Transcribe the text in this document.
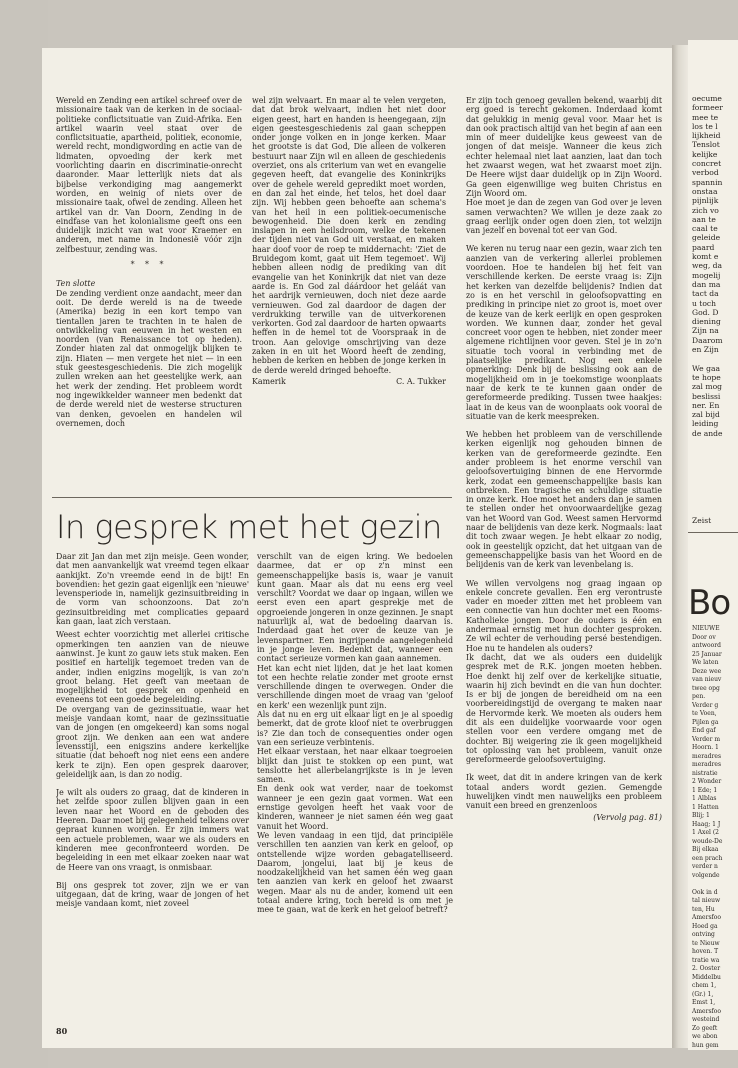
Wereld en Zending een artikel schreef over de missionaire taak van de kerken in de sociaal-politieke conflictsituatie van Zuid-Afrika. Een artikel waarin veel staat over de conflictsituatie, apartheid, politiek, economie, wereld recht, mondigwording en actie van de lidmaten, opvoeding der kerk met voorlichting daarin en discriminatie-onrecht daaronder. Maar letterlijk niets dat als bijbelse verkondiging mag aangemerkt worden, en weinig of niets over de missionaire taak, ofwel de zending. Alleen het artikel van dr. Van Doorn, Zending in de eindfase van het kolonialisme geeft ons een duidelijk inzicht van wat voor Kraemer en anderen, met name in Indonesië vóór zijn zelfbestuur, zending was.

* * *

Ten slotte

De zending verdient onze aandacht, meer dan ooit. De derde wereld is na de tweede (Amerika) bezig in een kort tempo van tientallen jaren te trachten in te halen de ontwikkeling van eeuwen in het westen en noorden (van Renaissance tot op heden). Zonder hiaten zal dat onmogelijk blijken te zijn. Hiaten — men vergete het niet — in een stuk geestesgeschiedenis. Die zich mogelijk zullen wreken aan het geestelijke werk, aan het werk der zending. Het probleem wordt nog ingewikkelder wanneer men bedenkt dat de derde wereld niet de westerse structuren van denken, gevoelen en handelen wil overnemen, doch

wel zijn welvaart. En maar al te velen vergeten, dat dat brok welvaart, indien het niet door eigen geest, hart en handen is heengegaan, zijn eigen geestesgeschiedenis zal gaan scheppen onder jonge volken en in jonge kerken. Maar het grootste is dat God, Die alleen de volkeren bestuurt naar Zijn wil en alleen de geschiedenis overziet, ons als criterium van wet en evangelie gegeven heeft, dat evangelie des Koninkrijks over de gehele wereld gepredikt moet worden, en dan zal het einde, het telos, het doel daar zijn. Wij hebben geen behoefte aan schema's van het heil in een politiek-oecumenische bewogenheid. Die doen kerk en zending inslapen in een heilsdroom, welke de tekenen der tijden niet van God uit verstaat, en maken haar doof voor de roep te middernacht: 'Ziet de Bruidegom komt, gaat uit Hem tegemoet'. Wij hebben alleen nodig de prediking van dit evangelie van het Koninkrijk dat niet van deze aarde is. En God zal dáárdoor het geláát van het aardrijk vernieuwen, doch niet deze aarde vernieuwen. God zal daardoor de dagen der verdrukking terwille van de uitverkorenen verkorten. God zal daardoor de harten opwaarts heffen in de hemel tot de Voorspraak in de troon. Aan gelovige omschrijving van deze zaken in en uit het Woord heeft de zending, hebben de kerken en hebben de jonge kerken in de derde wereld dringed behoefte.

Kamerik	C. A. Tukker

In gesprek met het gezin

Daar zit Jan dan met zijn meisje. Geen wonder, dat men aanvankelijk wat vreemd tegen elkaar aankijkt. Zo'n vreemde eend in de bijt! En bovendien: het gezin gaat eigenlijk een 'nieuwe' levensperiode in, namelijk gezinsuitbreiding in de vorm van schoonzoons. Dat zo'n gezinsuitbreiding met complicaties gepaard kan gaan, laat zich verstaan.

Weest echter voorzichtig met allerlei critische opmerkingen ten aanzien van de nieuwe aanwinst. Je kunt zo gauw iets stuk maken. Een positief en hartelijk tegemoet treden van de ander, indien enigzins mogelijk, is van zo'n groot belang. Het geeft van meetaan de mogelijkheid tot gesprek en openheid en eveneens tot een goede begeleiding.

De overgang van de gezinssituatie, waar het meisje vandaan komt, naar de gezinssituatie van de jongen (en omgekeerd) kan soms nogal groot zijn. We denken aan een wat andere levensstijl, een enigszins andere kerkelijke situatie (dat behoeft nog niet eens een andere kerk te zijn). Een open gesprek daarover, geleidelijk aan, is dan zo nodig.

Je wilt als ouders zo graag, dat de kinderen in het zelfde spoor zullen blijven gaan in een leven naar het Woord en de geboden des Heeren. Daar moet bij gelegenheid telkens over gepraat kunnen worden. Er zijn immers wat een actuele problemen, waar we als ouders en kinderen mee geconfronteerd worden. De begeleiding in een met elkaar zoeken naar wat de Heere van ons vraagt, is onmisbaar.

Bij ons gesprek tot zover, zijn we er van uitgegaan, dat de kring, waar de jongen of het meisje vandaan komt, niet zoveel

verschilt van de eigen kring. We bedoelen daarmee, dat er op z'n minst een gemeenschappelijke basis is, waar je vanuit kunt gaan. Maar als dat nu eens erg veel verschilt? Voordat we daar op ingaan, willen we eerst even een apart gesprekje met de opgroeiende jongeren in onze gezinnen. Je snapt natuurlijk al, wat de bedoeling daarvan is. Inderdaad gaat het over de keuze van je levenspartner. Een ingrijpende aangelegenheid in je jonge leven. Bedenkt dat, wanneer een contact serieuze vormen kan gaan aannemen.

Het kan echt niet lijden, dat je het laat komen tot een hechte relatie zonder met groote ernst verschillende dingen te overwegen. Onder die verschillende dingen moet de vraag van 'geloof en kerk' een wezenlijk punt zijn.

Als dat nu en erg uit elkaar ligt en je al spoedig bemerkt, dat de grote kloof niet te overbruggen is? Zie dan toch de consequenties onder ogen van een serieuze verbintenis.

Het elkaar verstaan, het naar elkaar toegroeien blijkt dan juist te stokken op een punt, wat tenslotte het allerbelangrijkste is in je leven samen.

En denk ook wat verder, naar de toekomst wanneer je een gezin gaat vormen. Wat een ernstige gevolgen heeft het vaak voor de kinderen, wanneer je niet samen één weg gaat vanuit het Woord.

We leven vandaag in een tijd, dat principiële verschillen ten aanzien van kerk en geloof, op ontstellende wijze worden gebagatelliseerd. Daarom, jongelui, laat bij je keus de noodzakelijkheid van het samen één weg gaan ten aanzien van kerk en geloof het zwaarst wegen. Maar als nu de ander, komend uit een totaal andere kring, toch bereid is om met je mee te gaan, wat de kerk en het geloof betreft?

Er zijn toch genoeg gevallen bekend, waarbij dit erg goed is terecht gekomen. Inderdaad komt dat gelukkig in menig geval voor. Maar het is dan ook practisch altijd van het begin af aan een min of meer duidelijke keus geweest van de jongen of dat meisje. Wanneer die keus zich echter helemaal niet laat aanzien, laat dan toch het zwaarst wegen, wat het zwaarst moet zijn. De Heere wijst daar duidelijk op in Zijn Woord. Ga geen eigenwillige weg buiten Christus en Zijn Woord om.

Hoe moet je dan de zegen van God over je leven samen verwachten? We willen je deze zaak zo graag eerlijk onder ogen doen zien, tot welzijn van jezelf en bovenal tot eer van God.

We keren nu terug naar een gezin, waar zich ten aanzien van de verkering allerlei problemen voordoen. Hoe te handelen bij het feit van verschillende kerken. De eerste vraag is: Zijn het kerken van dezelfde belijdenis? Indien dat zo is en het verschil in geloofsopvatting en prediking in principe niet zo groot is, moet over de keuze van de kerk eerlijk en open gesproken worden. We kunnen daar, zonder het geval concreet voor ogen te hebben, niet zonder meer algemene richtlijnen voor geven. Stel je in zo'n situatie toch vooral in verbinding met de plaatselijke predikant. Nog een enkele opmerking: Denk bij de beslissing ook aan de mogelijkheid om in je toekomstige woonplaats naar de kerk te te kunnen gaan onder de gereformeerde prediking. Tussen twee haakjes: laat in de keus van de woonplaats ook vooral de situatie van de kerk meespreken.

We hebben het probleem van de verschillende kerken eigenlijk nog gehouden binnen de kerken van de gereformeerde gezindte. Een ander probleem is het enorme verschil van geloofsovertuiging binnen de ene Hervormde kerk, zodat een gemeenschappelijke basis kan ontbreken. Een tragische en schuldige situatie in onze kerk. Hoe moet het anders dan je samen te stellen onder het onvoorwaardelijke gezag van het Woord van God. Weest samen Hervormd naar de belijdenis van deze kerk. Nogmaals: laat dit toch zwaar wegen. Je hebt elkaar zo nodig, ook in geestelijk opzicht, dat het uitgaan van de gemeenschappelijke basis van het Woord en de belijdenis van de kerk van levenbelang is.

We willen vervolgens nog graag ingaan op enkele concrete gevallen. Een erg verontruste vader en moeder zitten met het probleem van een connectie van hun dochter met een Rooms-Katholieke jongen. Door de ouders is één en andermaal ernstig met hun dochter gesproken. Ze wil echter de verhouding persé bestendigen. Hoe nu te handelen als ouders?

Ik dacht, dat we als ouders een duidelijk gesprek met de R.K. jongen moeten hebben. Hoe denkt hij zelf over de kerkelijke situatie, waarin hij zich bevindt en die van hun dochter. Is er bij de jongen de bereidheid om na een voorbereidingstijd de overgang te maken naar de Hervormde kerk. We moeten als ouders hem dit als een duidelijke voorwaarde voor ogen stellen voor een verdere omgang met de dochter. Bij weigering zie ik geen mogelijkheid tot oplossing van het probleem, vanuit onze gereformeerde geloofsovertuiging.

Ik weet, dat dit in andere kringen van de kerk totaal anders wordt gezien. Gemengde huwelijken vindt men nauwelijks een probleem vanuit een breed en grenzenloos

(Vervolg pag. 81)

80
oecume
formeer
mee te
los te l
lijkheid
Tenslot
kelijke
concret
verbod
spannin
onstaa
pijnlijk
zich vo
aan te
caal te
geleide
paard
komt e
weg, da
mogelij
dan ma
tact da
u toch
God. D
diening
Zijn na
Daarom
en Zijn

We gaa
te hope
zal mog
beslissi
ner. En
zal bijd
leiding
de ande
Zeist
Bo
NIEUWE
Door ov
antwoord
25 Januar
We laten
Deze wee
van nieuv
twee opg
pen.
Verder g
te Voen,
Pijlen ga
End gaf
Verder m
Hoorn. 1
meradres
meradres
nistratie
2 Wonder
1 Ede; 1
1 Alblas
1 Hatten
Blij; 1
Haag; 1 J
1 Axel (2
woude-De
Bij elkaa
een prach
verder n
volgende

Ook in d
tal nieuw
ten, Hu
Amersfoo
Hoed ga
ontving
te Nieuw
hoven. T
tratie wa
2. Ooster
Middelbu
chem 1,
(Gr.) 1,
Emst 1,
Amersfoo
westeind
Zo geeft
we abon
hun gem
